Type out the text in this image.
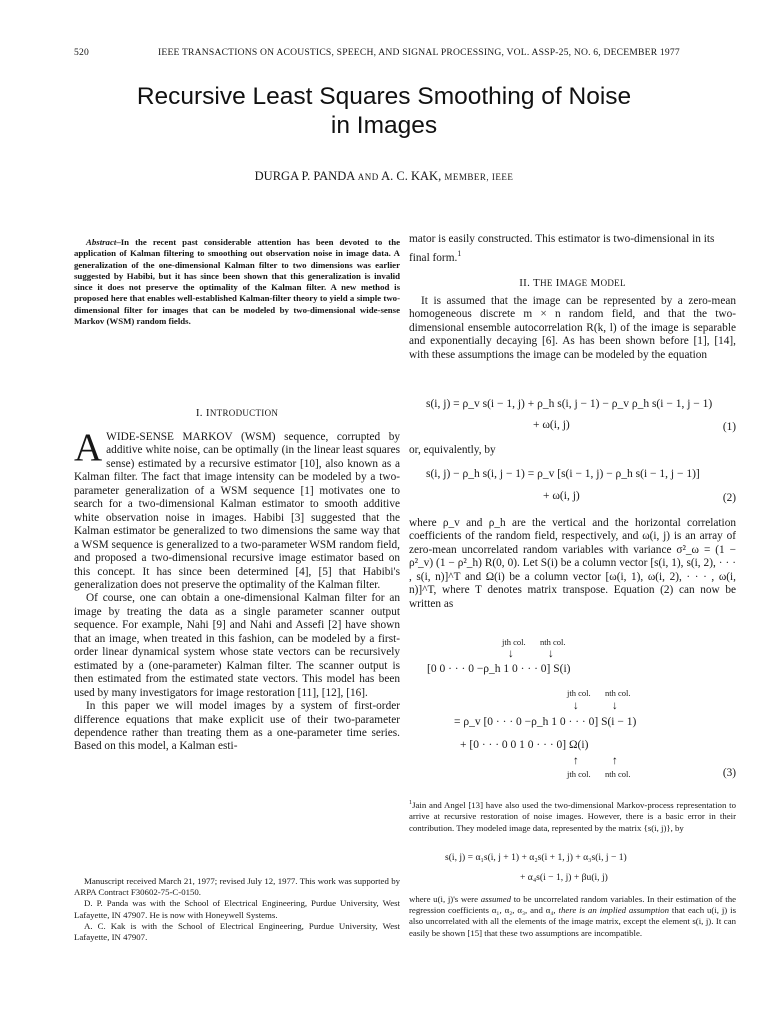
520	IEEE TRANSACTIONS ON ACOUSTICS, SPEECH, AND SIGNAL PROCESSING, VOL. ASSP-25, NO. 6, DECEMBER 1977
Recursive Least Squares Smoothing of Noise
in Images
DURGA P. PANDA AND A. C. KAK, MEMBER, IEEE
Abstract–In the recent past considerable attention has been devoted to the application of Kalman filtering to smoothing out observation noise in image data. A generalization of the one-dimensional Kalman filter to two dimensions was earlier suggested by Habibi, but it has since been shown that this generalization is invalid since it does not preserve the optimality of the Kalman filter. A new method is proposed here that enables well-established Kalman-filter theory to yield a simple two-dimensional filter for images that can be modeled by two-dimensional wide-sense Markov (WSM) random fields.
I. INTRODUCTION

AWIDE-SENSE MARKOV (WSM) sequence, corrupted by additive white noise, can be optimally (in the linear least squares sense) estimated by a recursive estimator [10], also known as a Kalman filter. The fact that image intensity can be modeled by a two-parameter generalization of a WSM sequence [1] motivates one to search for a two-dimensional Kalman estimator to smooth additive white observation noise in images. Habibi [3] suggested that the Kalman estimator be generalized to two dimensions the same way that a WSM sequence is generalized to a two-parameter WSM random field, and proposed a two-dimensional recursive image estimator based on this concept. It has since been determined [4], [5] that Habibi's generalization does not preserve the optimality of the Kalman filter.

Of course, one can obtain a one-dimensional Kalman filter for an image by treating the data as a single parameter scanner output sequence. For example, Nahi [9] and Nahi and Assefi [2] have shown that an image, when treated in this fashion, can be modeled by a first-order linear dynamical system whose state vectors can be recursively estimated by a (one-parameter) Kalman filter. The scanner output is then estimated from the estimated state vectors. This model has been used by many investigators for image restoration [11], [12], [16].

In this paper we will model images by a system of first-order difference equations that make explicit use of their two-parameter dependence rather than treating them as a one-parameter time series. Based on this model, a Kalman esti-

Manuscript received March 21, 1977; revised July 12, 1977. This work was supported by ARPA Contract F30602-75-C-0150.

D. P. Panda was with the School of Electrical Engineering, Purdue University, West Lafayette, IN 47907. He is now with Honeywell Systems.

A. C. Kak is with the School of Electrical Engineering, Purdue University, West Lafayette, IN 47907.

mator is easily constructed. This estimator is two-dimensional in its final form.$^1$
II. THE IMAGE MODEL
It is assumed that the image can be represented by a zero-mean homogeneous discrete m × n random field, and that the two-dimensional ensemble autocorrelation R(k, l) of the image is separable and exponentially decaying [6]. As has been shown before [1], [14], with these assumptions the image can be modeled by the equation
s(i, j) = ρ_v s(i − 1, j) + ρ_h s(i, j − 1) − ρ_v ρ_h s(i − 1, j − 1)
+ ω(i, j)	(1)
or, equivalently, by
s(i, j) − ρ_h s(i, j − 1) = ρ_v [s(i − 1, j) − ρ_h s(i − 1, j − 1)]
+ ω(i, j)	(2)
where ρ_v and ρ_h are the vertical and the horizontal correlation coefficients of the random field, respectively, and ω(i, j) is an array of zero-mean uncorrelated random variables with variance σ²_ω = (1 − ρ²_v) (1 − ρ²_h) R(0, 0). Let S(i) be a column vector [s(i, 1), s(i, 2), · · · , s(i, n)]^T and Ω(i) be a column vector [ω(i, 1), ω(i, 2), · · · , ω(i, n)]^T, where T denotes matrix transpose. Equation (2) can now be written as
jth col. nth col.
↓	↓
[0 0 · · · 0 −ρ_h 1 0 · · · 0] S(i)
jth col. nth col.
↓	↓
= ρ_v [0 · · · 0 −ρ_h 1 0 · · · 0] S(i − 1)
+ [0 · · · 0 0 1 0 · · · 0] Ω(i)
↑	↑
jth col. nth col.	(3)
$^1$Jain and Angel [13] have also used the two-dimensional Markov-process representation to arrive at recursive restoration of noise images. However, there is a basic error in their contribution. They modeled image data, represented by the matrix {s(i, j)}, by
s(i, j) = α₁s(i, j + 1) + α₂s(i + 1, j) + α₃s(i, j − 1)
+ α₄s(i − 1, j) + βu(i, j)
where u(i, j)'s were assumed to be uncorrelated random variables. In their estimation of the regression coefficients α₁, α₂, α₃, and α₄, there is an implied assumption that each u(i, j) is also uncorrelated with all the elements of the image matrix, except the element s(i, j). It can easily be shown [15] that these two assumptions are incompatible.
